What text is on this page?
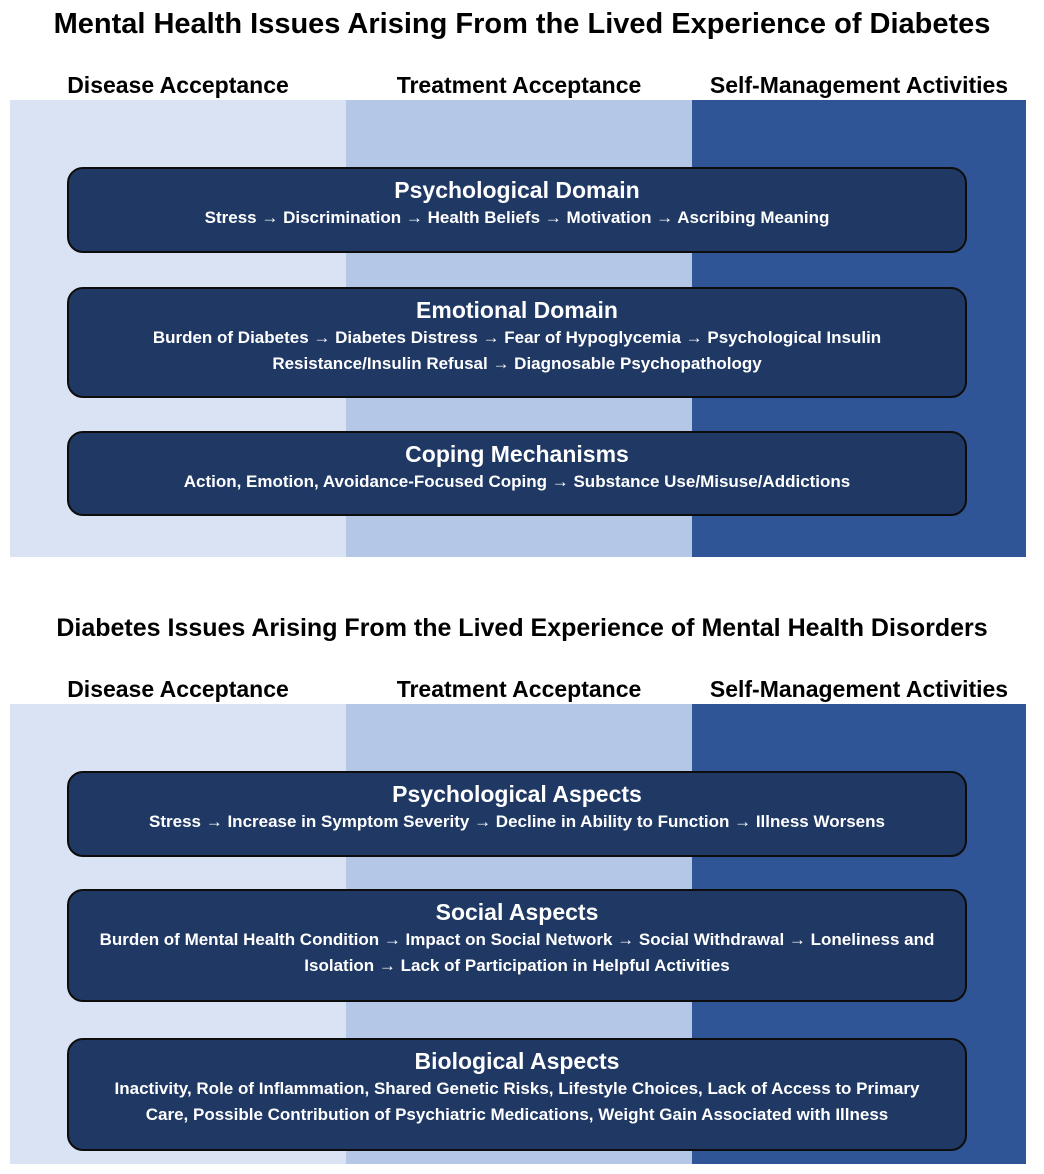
Mental Health Issues Arising From the Lived Experience of Diabetes
Disease Acceptance	Treatment Acceptance	Self-Management Activities
Psychological Domain
Stress → Discrimination → Health Beliefs → Motivation → Ascribing Meaning
Emotional Domain
Burden of Diabetes → Diabetes Distress → Fear of Hypoglycemia → Psychological Insulin Resistance/Insulin Refusal → Diagnosable Psychopathology
Coping Mechanisms
Action, Emotion, Avoidance-Focused Coping → Substance Use/Misuse/Addictions
Diabetes Issues Arising From the Lived Experience of Mental Health Disorders
Disease Acceptance	Treatment Acceptance	Self-Management Activities
Psychological Aspects
Stress → Increase in Symptom Severity → Decline in Ability to Function → Illness Worsens
Social Aspects
Burden of Mental Health Condition → Impact on Social Network → Social Withdrawal → Loneliness and Isolation → Lack of Participation in Helpful Activities
Biological Aspects
Inactivity, Role of Inflammation, Shared Genetic Risks, Lifestyle Choices, Lack of Access to Primary Care, Possible Contribution of Psychiatric Medications, Weight Gain Associated with Illness
